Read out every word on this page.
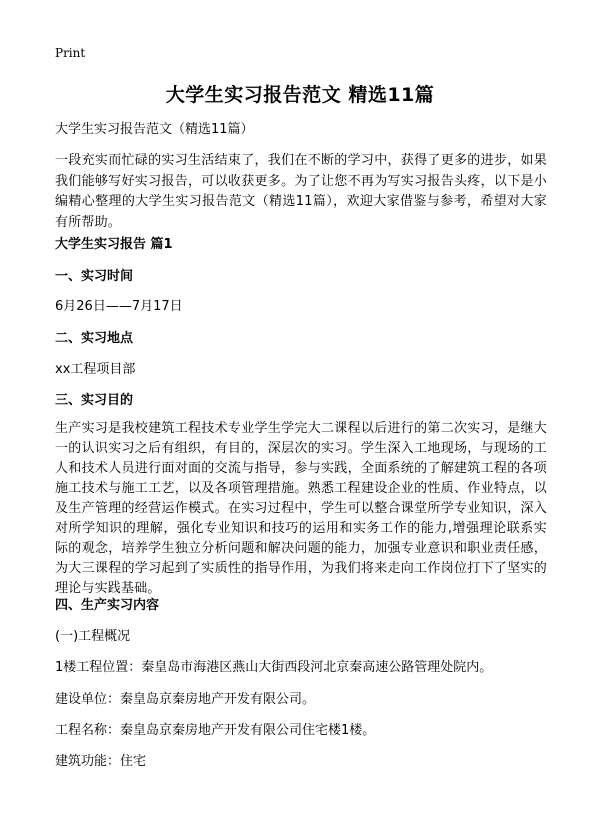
Print
大学生实习报告范文 精选11篇
大学生实习报告范文（精选11篇）
一段充实而忙碌的实习生活结束了，我们在不断的学习中，获得了更多的进步，如果我们能够写好实习报告，可以收获更多。为了让您不再为写实习报告头疼，以下是小编精心整理的大学生实习报告范文（精选11篇），欢迎大家借鉴与参考，希望对大家有所帮助。
大学生实习报告 篇1
一、实习时间
6月26日——7月17日
二、实习地点
xx工程项目部
三、实习目的
生产实习是我校建筑工程技术专业学生学完大二课程以后进行的第二次实习，是继大一的认识实习之后有组织，有目的，深层次的实习。学生深入工地现场，与现场的工人和技术人员进行面对面的交流与指导，参与实践，全面系统的了解建筑工程的各项施工技术与施工工艺，以及各项管理措施。熟悉工程建设企业的性质、作业特点，以及生产管理的经营运作模式。在实习过程中，学生可以整合课堂所学专业知识，深入对所学知识的理解，强化专业知识和技巧的运用和实务工作的能力,增强理论联系实际的观念，培养学生独立分析问题和解决问题的能力，加强专业意识和职业责任感，为大三课程的学习起到了实质性的指导作用，为我们将来走向工作岗位打下了坚实的理论与实践基础。
四、生产实习内容
(一)工程概况
1楼工程位置：秦皇岛市海港区燕山大街西段河北京秦高速公路管理处院内。
建设单位：秦皇岛京秦房地产开发有限公司。
工程名称：秦皇岛京秦房地产开发有限公司住宅楼1楼。
建筑功能：住宅
